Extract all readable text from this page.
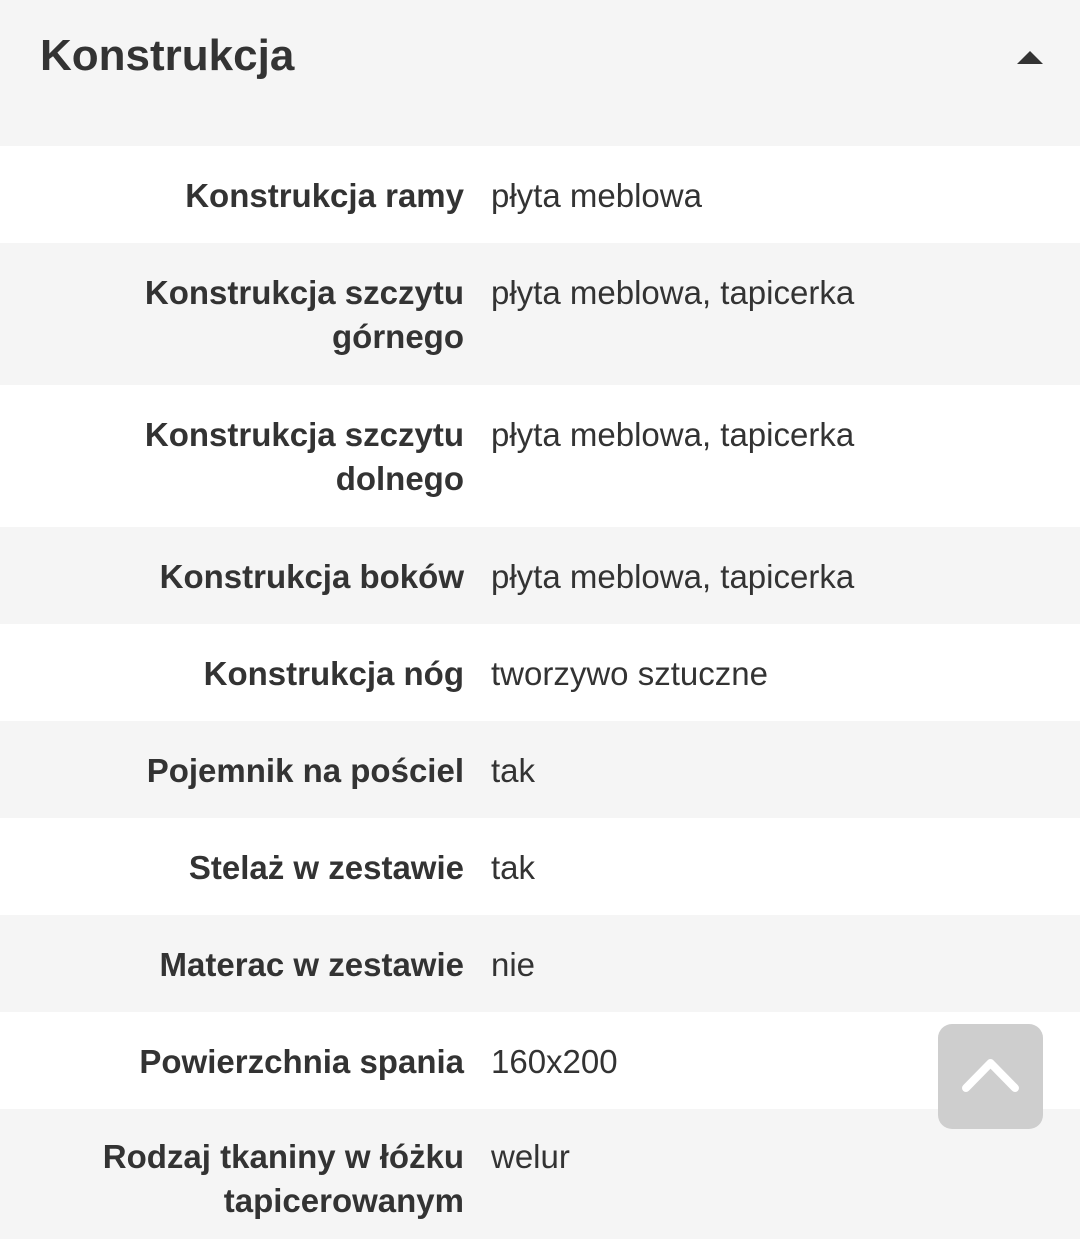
Konstrukcja
Konstrukcja ramy płyta meblowa
Konstrukcja szczytu
górnego
płyta meblowa, tapicerka
Konstrukcja szczytu
dolnego
płyta meblowa, tapicerka
Konstrukcja boków płyta meblowa, tapicerka
Konstrukcja nóg tworzywo sztuczne
Pojemnik na pościel tak
Stelaż w zestawie tak
Materac w zestawie nie
Powierzchnia spania 160x200
Rodzaj tkaniny w łóżku
tapicerowanym
welur
